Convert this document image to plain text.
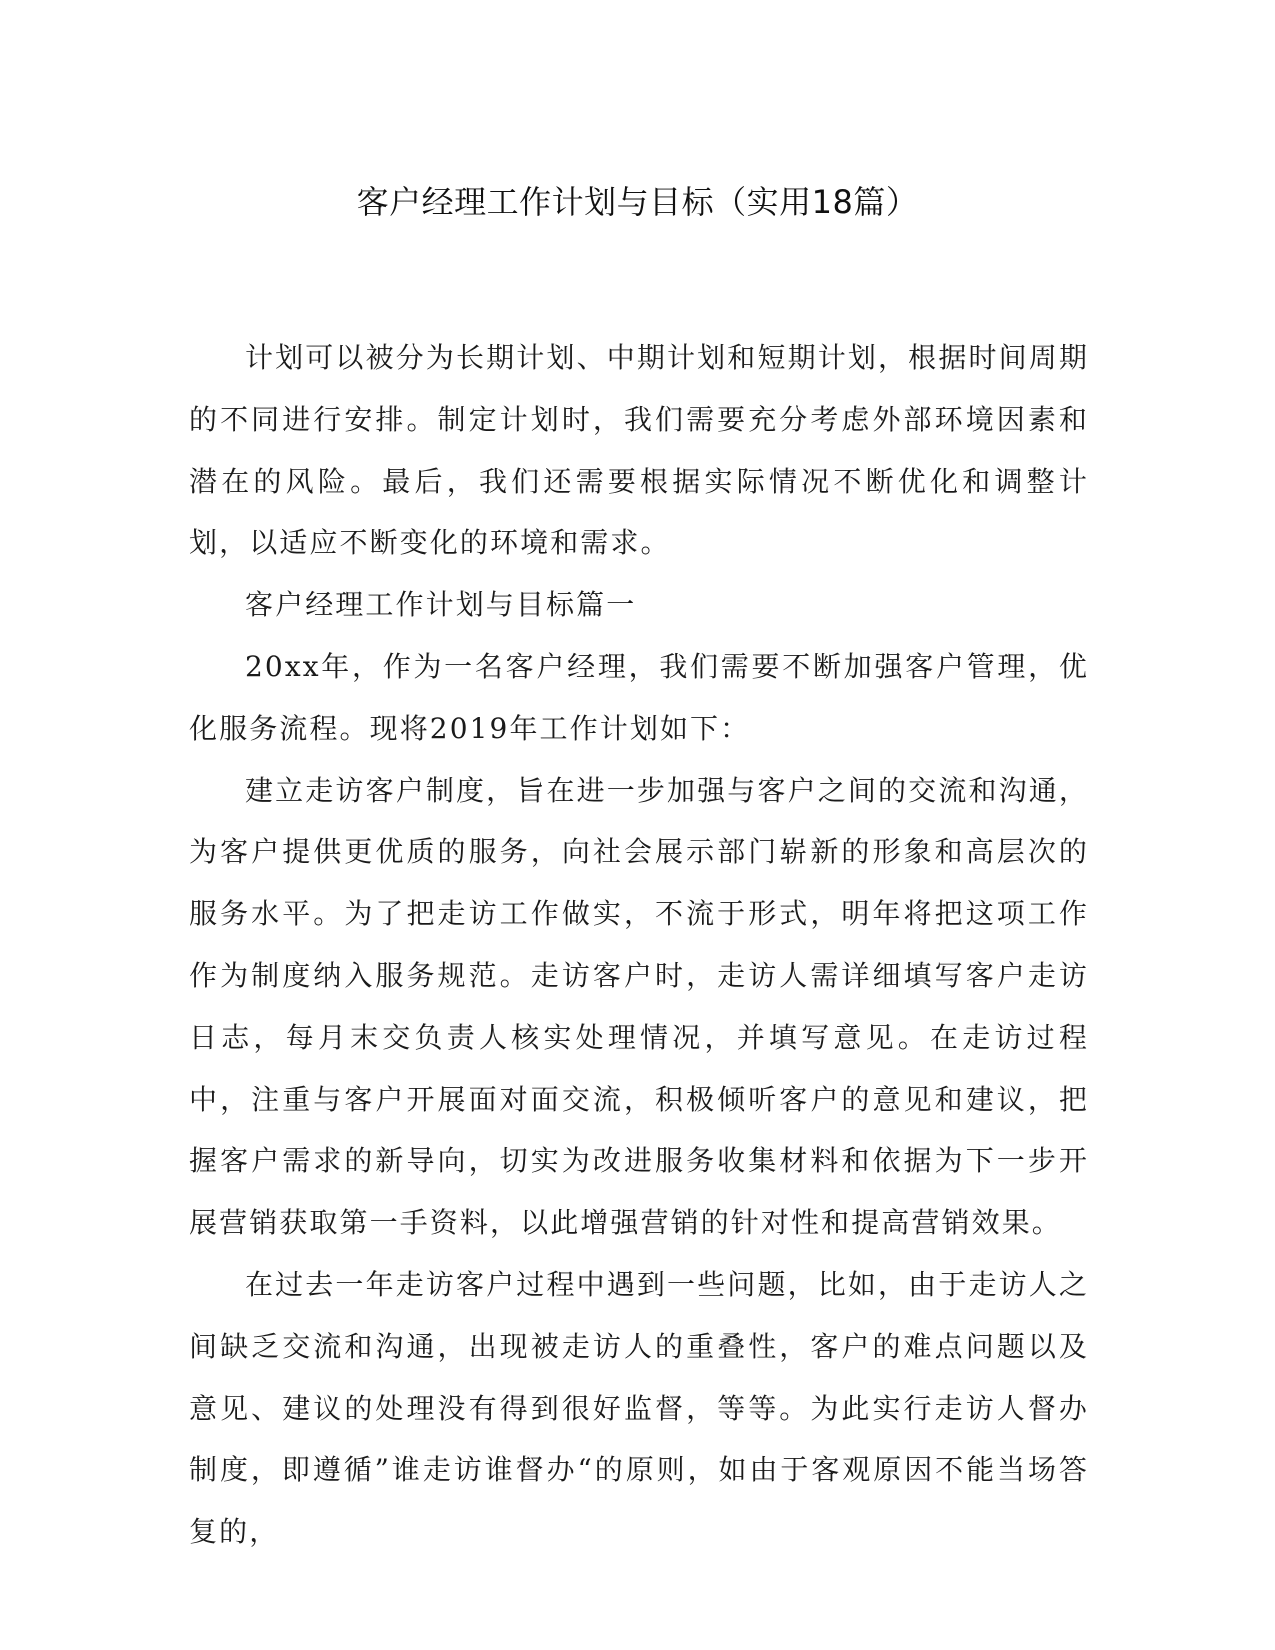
客户经理工作计划与目标（实用18篇）

计划可以被分为长期计划、中期计划和短期计划，根据时间周期的不同进行安排。制定计划时，我们需要充分考虑外部环境因素和潜在的风险。最后，我们还需要根据实际情况不断优化和调整计划，以适应不断变化的环境和需求。

客户经理工作计划与目标篇一

20xx年，作为一名客户经理，我们需要不断加强客户管理，优化服务流程。现将2019年工作计划如下：

建立走访客户制度，旨在进一步加强与客户之间的交流和沟通，为客户提供更优质的服务，向社会展示部门崭新的形象和高层次的服务水平。为了把走访工作做实，不流于形式，明年将把这项工作作为制度纳入服务规范。走访客户时，走访人需详细填写客户走访日志，每月末交负责人核实处理情况，并填写意见。在走访过程中，注重与客户开展面对面交流，积极倾听客户的意见和建议，把握客户需求的新导向，切实为改进服务收集材料和依据为下一步开展营销获取第一手资料，以此增强营销的针对性和提高营销效果。

在过去一年走访客户过程中遇到一些问题，比如，由于走访人之间缺乏交流和沟通，出现被走访人的重叠性，客户的难点问题以及意见、建议的处理没有得到很好监督，等等。为此实行走访人督办制度，即遵循”谁走访谁督办“的原则，如由于客观原因不能当场答复的，
